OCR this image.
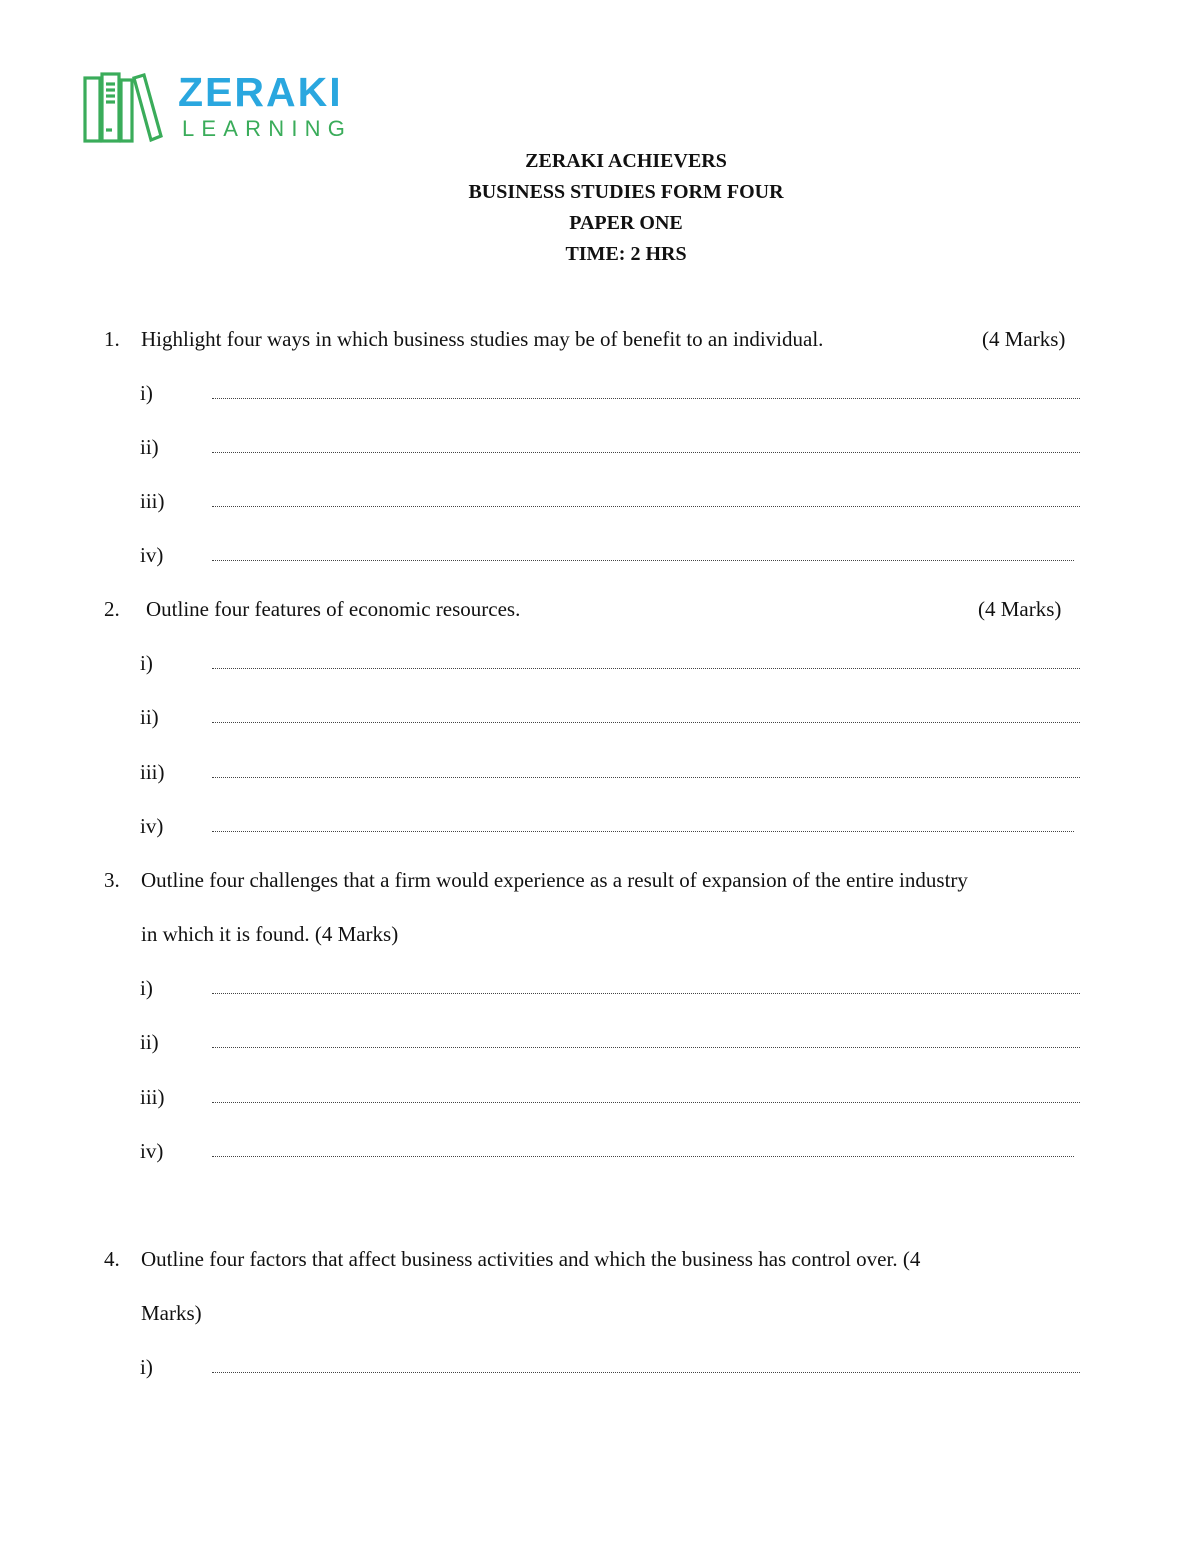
ZERAKI
LEARNING
ZERAKI ACHIEVERS
BUSINESS STUDIES FORM FOUR
PAPER ONE
TIME: 2 HRS
1. Highlight four ways in which business studies may be of benefit to an individual.	(4 Marks)
i)
ii)
iii)
iv)
2. Outline four features of economic resources.	(4 Marks)
i)
ii)
iii)
iv)
3. Outline four challenges that a firm would experience as a result of expansion of the entire industry
in which it is found. (4 Marks)
i)
ii)
iii)
iv)
4. Outline four factors that affect business activities and which the business has control over. (4
Marks)
i)
